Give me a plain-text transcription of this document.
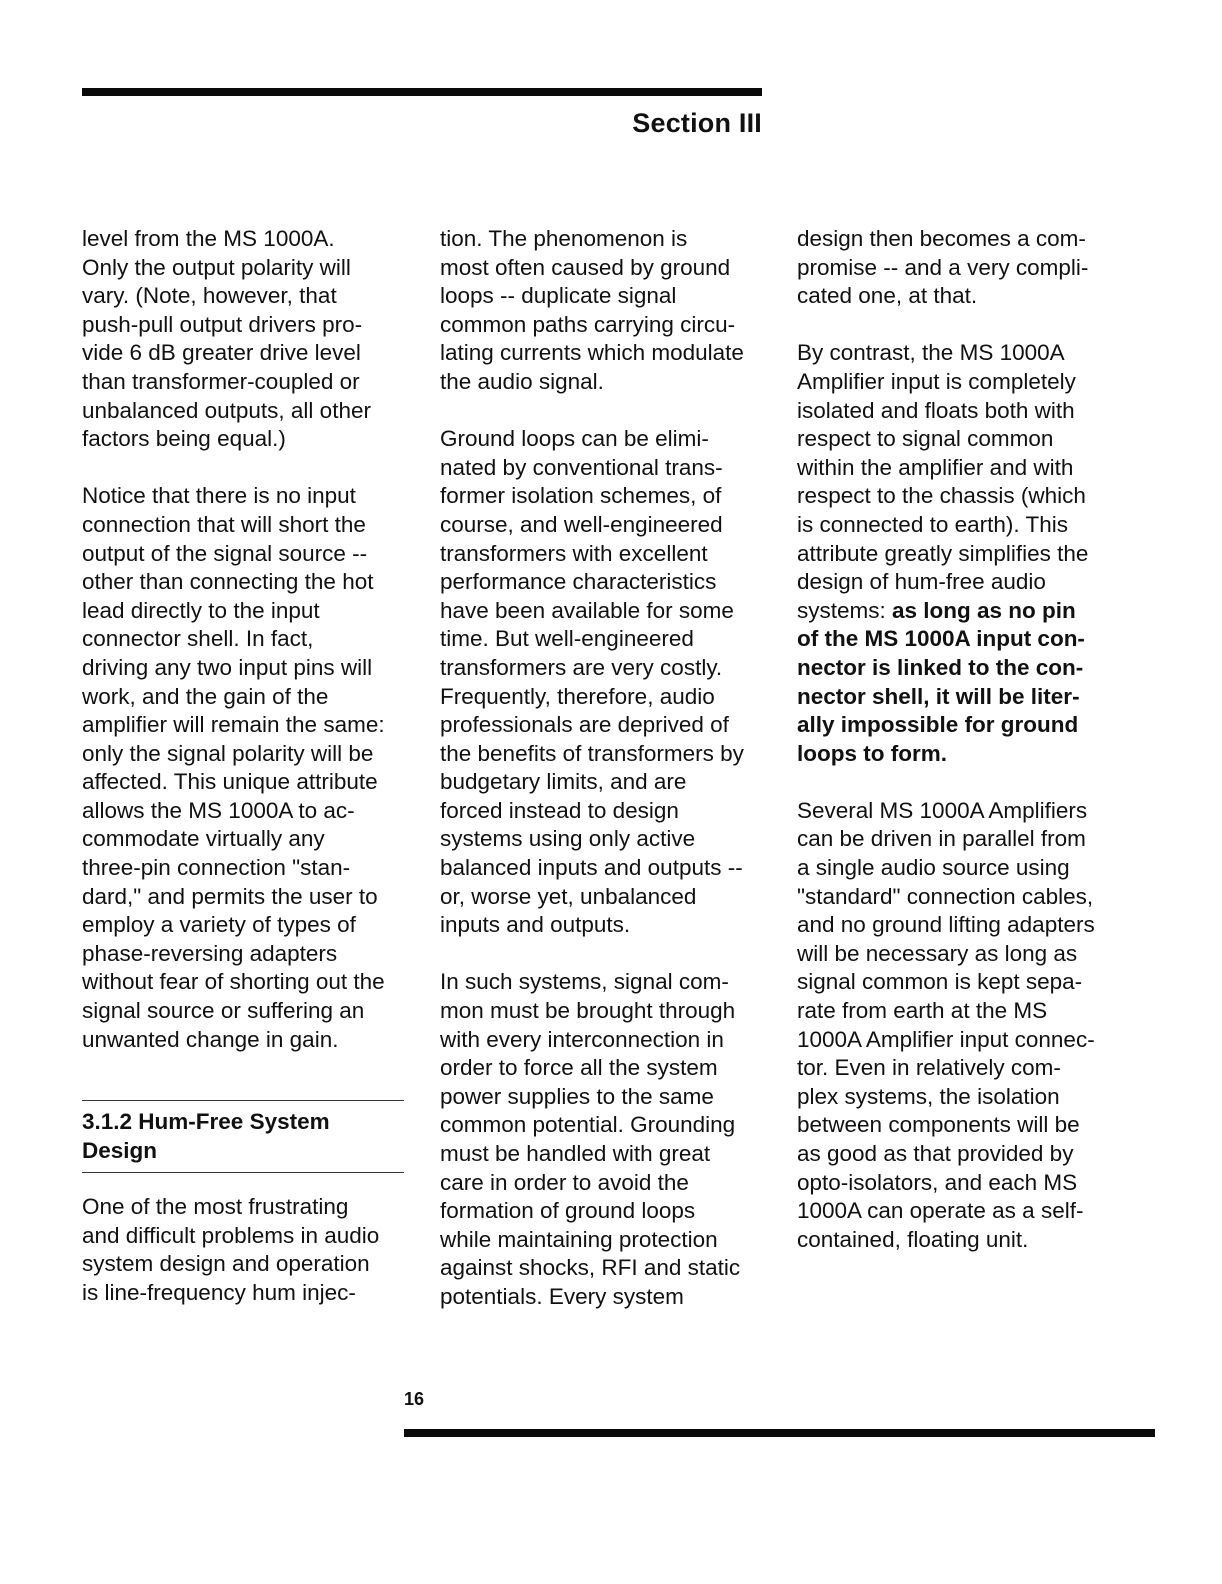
Section III
level from the MS 1000A.
Only the output polarity will
vary. (Note, however, that
push-pull output drivers pro-
vide 6 dB greater drive level
than transformer-coupled or
unbalanced outputs, all other
factors being equal.)
Notice that there is no input
connection that will short the
output of the signal source --
other than connecting the hot
lead directly to the input
connector shell. In fact,
driving any two input pins will
work, and the gain of the
amplifier will remain the same:
only the signal polarity will be
affected. This unique attribute
allows the MS 1000A to ac-
commodate virtually any
three-pin connection "stan-
dard," and permits the user to
employ a variety of types of
phase-reversing adapters
without fear of shorting out the
signal source or suffering an
unwanted change in gain.
3.1.2 Hum-Free System
Design
One of the most frustrating
and difficult problems in audio
system design and operation
is line-frequency hum injec-
tion. The phenomenon is
most often caused by ground
loops -- duplicate signal
common paths carrying circu-
lating currents which modulate
the audio signal.
Ground loops can be elimi-
nated by conventional trans-
former isolation schemes, of
course, and well-engineered
transformers with excellent
performance characteristics
have been available for some
time. But well-engineered
transformers are very costly.
Frequently, therefore, audio
professionals are deprived of
the benefits of transformers by
budgetary limits, and are
forced instead to design
systems using only active
balanced inputs and outputs --
or, worse yet, unbalanced
inputs and outputs.
In such systems, signal com-
mon must be brought through
with every interconnection in
order to force all the system
power supplies to the same
common potential. Grounding
must be handled with great
care in order to avoid the
formation of ground loops
while maintaining protection
against shocks, RFI and static
potentials. Every system
design then becomes a com-
promise -- and a very compli-
cated one, at that.
By contrast, the MS 1000A
Amplifier input is completely
isolated and floats both with
respect to signal common
within the amplifier and with
respect to the chassis (which
is connected to earth). This
attribute greatly simplifies the
design of hum-free audio
systems: as long as no pin
of the MS 1000A input con-
nector is linked to the con-
nector shell, it will be liter-
ally impossible for ground
loops to form.
Several MS 1000A Amplifiers
can be driven in parallel from
a single audio source using
"standard" connection cables,
and no ground lifting adapters
will be necessary as long as
signal common is kept sepa-
rate from earth at the MS
1000A Amplifier input connec-
tor. Even in relatively com-
plex systems, the isolation
between components will be
as good as that provided by
opto-isolators, and each MS
1000A can operate as a self-
contained, floating unit.
16
